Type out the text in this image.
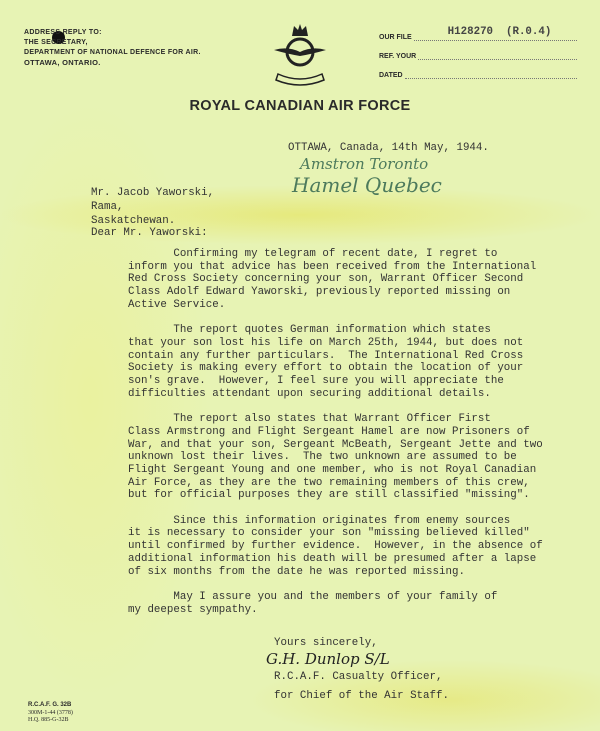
ADDRESS REPLY TO:
THE SECRETARY,
DEPARTMENT OF NATIONAL DEFENCE FOR AIR.
OTTAWA, ONTARIO.
OUR FILE	H128270  (R.0.4)
REF. YOUR
DATED
ROYAL CANADIAN AIR FORCE
OTTAWA, Canada, 14th May, 1944.
Amstron Toronto
Hamel Quebec
Mr. Jacob Yaworski,
Rama,
Saskatchewan.
Dear Mr. Yaworski:
Confirming my telegram of recent date, I regret to
inform you that advice has been received from the International
Red Cross Society concerning your son, Warrant Officer Second
Class Adolf Edward Yaworski, previously reported missing on
Active Service.
The report quotes German information which states
that your son lost his life on March 25th, 1944, but does not
contain any further particulars.  The International Red Cross
Society is making every effort to obtain the location of your
son's grave.  However, I feel sure you will appreciate the
difficulties attendant upon securing additional details.
The report also states that Warrant Officer First
Class Armstrong and Flight Sergeant Hamel are now Prisoners of
War, and that your son, Sergeant McBeath, Sergeant Jette and two
unknown lost their lives.  The two unknown are assumed to be
Flight Sergeant Young and one member, who is not Royal Canadian
Air Force, as they are the two remaining members of this crew,
but for official purposes they are still classified "missing".
Since this information originates from enemy sources
it is necessary to consider your son "missing believed killed"
until confirmed by further evidence.  However, in the absence of
additional information his death will be presumed after a lapse
of six months from the date he was reported missing.
May I assure you and the members of your family of
my deepest sympathy.
Yours sincerely,
G.H. Dunlop S/L
R.C.A.F. Casualty Officer,
for Chief of the Air Staff.
R.C.A.F. G. 32B
300M-1-44 (3778)
H.Q. 885-G-32B
